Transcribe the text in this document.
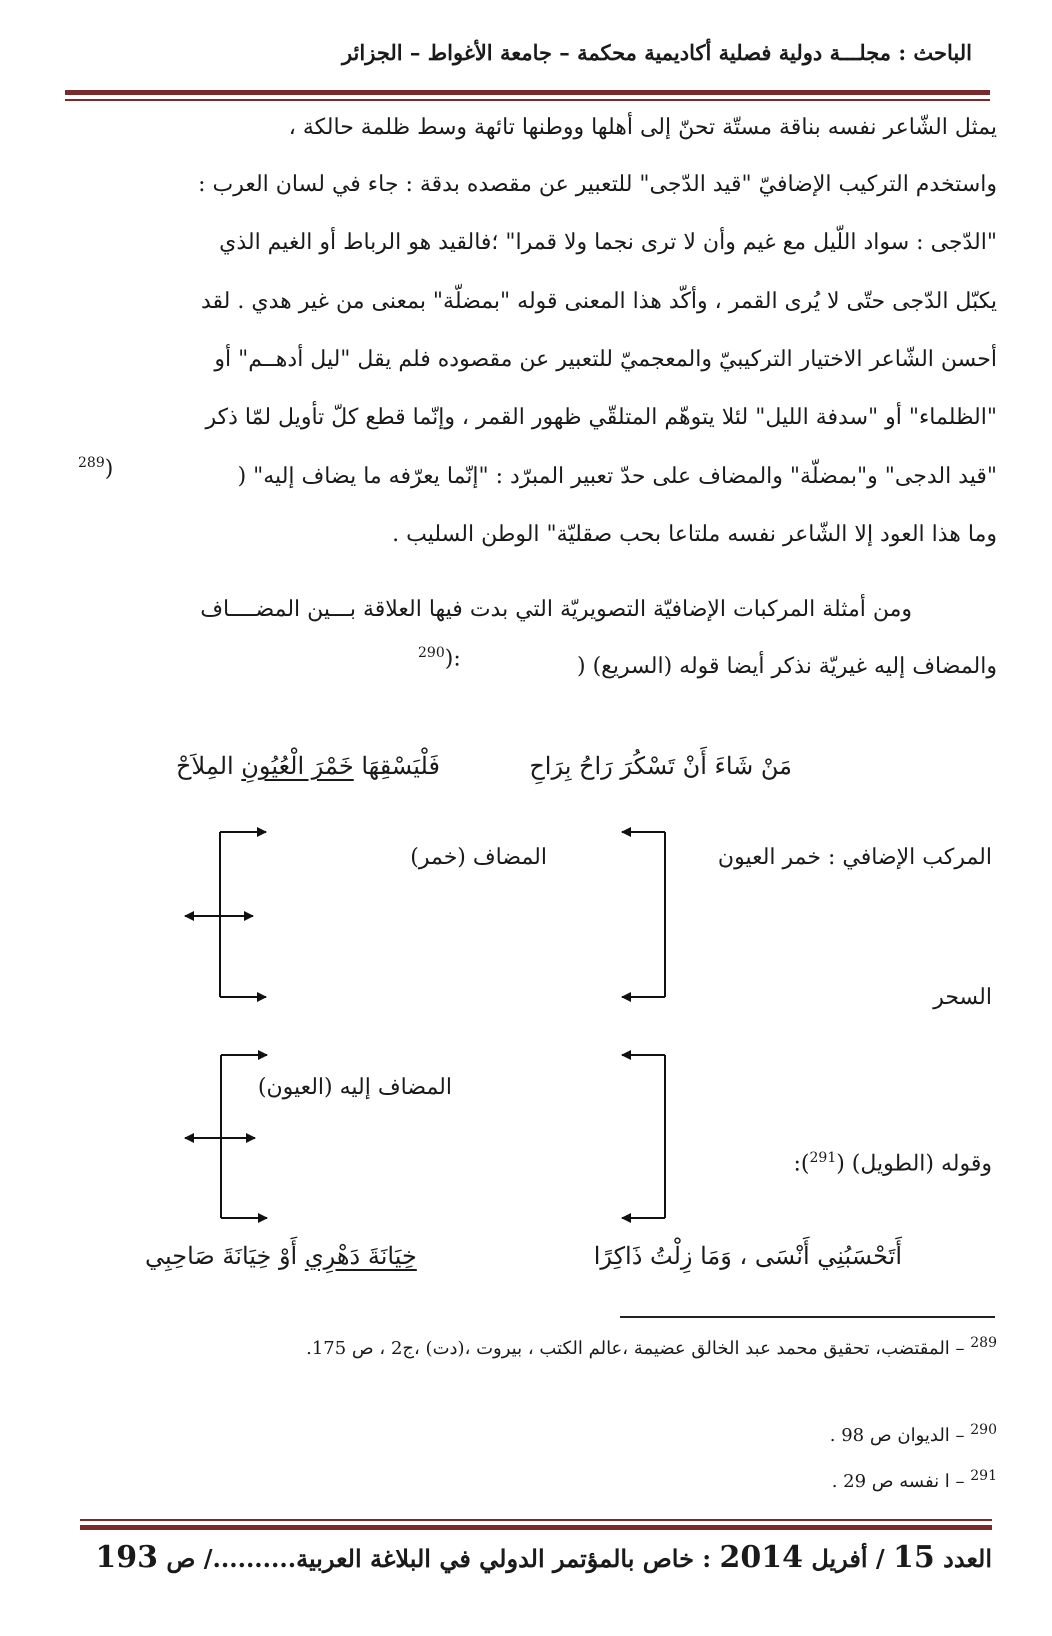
الباحث : مجلـــة دولية فصلية أكاديمية محكمة – جامعة الأغواط – الجزائر
يمثل الشّاعر نفسه بناقة مستّة تحنّ إلى أهلها ووطنها تائهة وسط ظلمة حالكة ،
واستخدم التركيب الإضافيّ "قيد الدّجى" للتعبير عن مقصده بدقة : جاء في لسان العرب :
"الدّجى : سواد اللّيل مع غيم وأن لا ترى نجما ولا قمرا" ؛فالقيد هو الرباط أو الغيم الذي
يكبّل الدّجى حتّى لا يُرى القمر ، وأكّد هذا المعنى قوله "بمضلّة" بمعنى من غير هدي . لقد
أحسن الشّاعر الاختيار التركيبيّ والمعجميّ للتعبير عن مقصوده فلم يقل "ليل أدهــم" أو
"الظلماء" أو "سدفة الليل" لئلا يتوهّم المتلقّي ظهور القمر ، وإنّما قطع كلّ تأويل لمّا ذكر
"قيد الدجى" و"بمضلّة" والمضاف على حدّ تعبير المبرّد : "إنّما يعرّفه ما يضاف إليه" (
$^{289}$)
وما هذا العود إلا الشّاعر نفسه ملتاعا بحب صقليّة" الوطن السليب .
ومن أمثلة المركبات الإضافيّة التصويريّة التي بدت فيها العلاقة بـــين المضــــاف
والمضاف إليه غيريّة نذكر أيضا قوله (السريع) (
$^{290}$):
مَنْ شَاءَ أَنْ تَسْكُرَ رَاحُ بِرَاحِ
فَلْيَسْقِهَا خَمْرَ الْعُيُونِ المِلاَحْ
المركب الإضافي : خمر العيون
المضاف (خمر)
السحر
المضاف إليه (العيون)
وقوله (الطويل) ($^{291}$):
أَتَحْسَبُنِي أَنْسَى ، وَمَا زِلْتُ ذَاكِرًا
خِيَانَةَ دَهْرِي أَوْ خِيَانَةَ صَاحِبِي
$^{289}$ – المقتضب، تحقيق محمد عبد الخالق عضيمة ،عالم الكتب ، بيروت ،(دت) ،ج2 ، ص 175.
$^{290}$ – الديوان ص 98 .
$^{291}$ – ا نفسه ص 29 .
العدد 15 / أفريل 2014 : خاص بالمؤتمر الدولي في البلاغة العربية........../ ص 193
